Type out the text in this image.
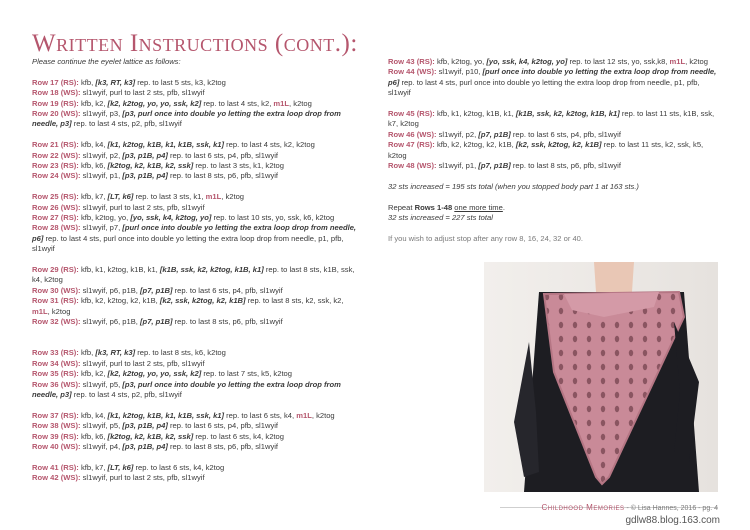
Written Instructions (cont.):

Please continue the eyelet lattice as follows:

Row 17 (RS): kfb, [k3, RT, k3] rep. to last 5 sts, k3, k2tog

Row 18 (WS): sl1wyif, purl to last 2 sts, pfb, sl1wyif

Row 19 (RS): kfb, k2, [k2, k2tog, yo, yo, ssk, k2] rep. to last 4 sts, k2, m1L, k2tog

Row 20 (WS): sl1wyif, p3, [p3, purl once into double yo letting the extra loop drop from needle, p3] rep. to last 4 sts, p2, pfb, sl1wyif

Row 21 (RS): kfb, k4, [k1, k2tog, k1B, k1, k1B, ssk, k1] rep. to last 4 sts, k2, k2tog

Row 22 (WS): sl1wyif, p2, [p3, p1B, p4] rep. to last 6 sts, p4, pfb, sl1wyif

Row 23 (RS): kfb, k6, [k2tog, k2, k1B, k2, ssk] rep. to last 3 sts, k1, k2tog

Row 24 (WS): sl1wyif, p1, [p3, p1B, p4] rep. to last 8 sts, p6, pfb, sl1wyif

Row 25 (RS): kfb, k7, [LT, k6] rep. to last 3 sts, k1, m1L, k2tog

Row 26 (WS): sl1wyif, purl to last 2 sts, pfb, sl1wyif

Row 27 (RS): kfb, k2tog, yo, [yo, ssk, k4, k2tog, yo] rep. to last 10 sts, yo, ssk, k6, k2tog

Row 28 (WS): sl1wyif, p7, [purl once into double yo letting the extra loop drop from needle, p6] rep. to last 4 sts, purl once into double yo letting the extra loop drop from needle, p1, pfb, sl1wyif

Row 29 (RS): kfb, k1, k2tog, k1B, k1, [k1B, ssk, k2, k2tog, k1B, k1] rep. to last 8 sts, k1B, ssk, k4, k2tog

Row 30 (WS): sl1wyif, p6, p1B, [p7, p1B] rep. to last 6 sts, p4, pfb, sl1wyif

Row 31 (RS): kfb, k2, k2tog, k2, k1B, [k2, ssk, k2tog, k2, k1B] rep. to last 8 sts, k2, ssk, k2, m1L, k2tog

Row 32 (WS): sl1wyif, p6, p1B, [p7, p1B] rep. to last 8 sts, p6, pfb, sl1wyif

Row 33 (RS): kfb, [k3, RT, k3] rep. to last 8 sts, k6, k2tog

Row 34 (WS): sl1wyif, purl to last 2 sts, pfb, sl1wyif

Row 35 (RS): kfb, k2, [k2, k2tog, yo, yo, ssk, k2] rep. to last 7 sts, k5, k2tog

Row 36 (WS): sl1wyif, p5, [p3, purl once into double yo letting the extra loop drop from needle, p3] rep. to last 4 sts, p2, pfb, sl1wyif

Row 37 (RS): kfb, k4, [k1, k2tog, k1B, k1, k1B, ssk, k1] rep. to last 6 sts, k4, m1L, k2tog

Row 38 (WS): sl1wyif, p5, [p3, p1B, p4] rep. to last 6 sts, p4, pfb, sl1wyif

Row 39 (RS): kfb, k6, [k2tog, k2, k1B, k2, ssk] rep. to last 6 sts, k4, k2tog

Row 40 (WS): sl1wyif, p4, [p3, p1B, p4] rep. to last 8 sts, p6, pfb, sl1wyif

Row 41 (RS): kfb, k7, [LT, k6] rep. to last 6 sts, k4, k2tog

Row 42 (WS): sl1wyif, purl to last 2 sts, pfb, sl1wyif

Row 43 (RS): kfb, k2tog, yo, [yo, ssk, k4, k2tog, yo] rep. to last 12 sts, yo, ssk,k8, m1L, k2tog

Row 44 (WS): sl1wyif, p10, [purl once into double yo letting the extra loop drop from needle, p6] rep. to last 4 sts, purl once into double yo letting the extra loop drop from needle, p1, pfb, sl1wyif

Row 45 (RS): kfb, k1, k2tog, k1B, k1, [k1B, ssk, k2, k2tog, k1B, k1] rep. to last 11 sts, k1B, ssk, k7, k2tog

Row 46 (WS): sl1wyif, p2, [p7, p1B] rep. to last 6 sts, p4, pfb, sl1wyif

Row 47 (RS): kfb, k2, k2tog, k2, k1B, [k2, ssk, k2tog, k2, k1B] rep. to last 11 sts, k2, ssk, k5, k2tog

Row 48 (WS): sl1wyif, p1, [p7, p1B] rep. to last 8 sts, p6, pfb, sl1wyif

32 sts increased = 195 sts total (when you stopped body part 1 at 163 sts.)

Repeat Rows 1-48 one more time.

32 sts increased = 227 sts total

If you wish to adjust stop after any row 8, 16, 24, 32 or 40.

Childhood Memories - © Lisa Hannes, 2016 - pg. 4
gdlw88.blog.163.com
